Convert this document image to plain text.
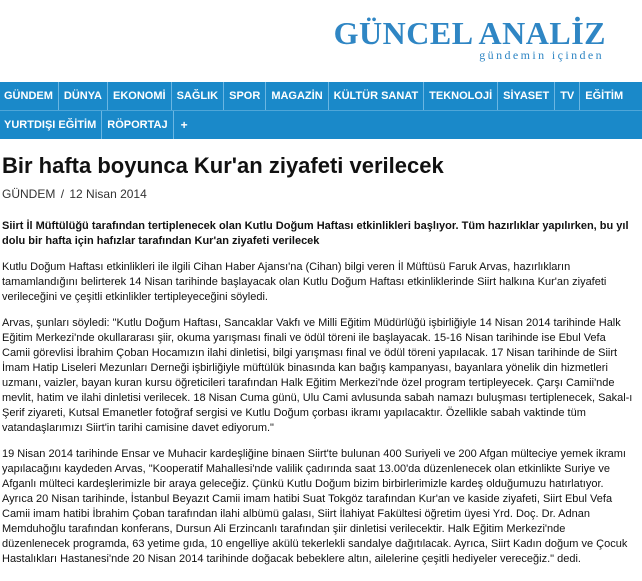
GÜNCEL ANALİZ
gündemin içinden
GÜNDEM	DÜNYA	EKONOMİ	SAĞLIK	SPOR	MAGAZİN	KÜLTÜR SANAT	TEKNOLOJİ	SİYASET	TV	EĞİTİM
YURTDIŞI EĞİTİM	RÖPORTAJ	+
Bir hafta boyunca Kur'an ziyafeti verilecek
GÜNDEM / 12 Nisan 2014

Siirt İl Müftülüğü tarafından tertiplenecek olan Kutlu Doğum Haftası etkinlikleri başlıyor. Tüm hazırlıklar yapılırken, bu yıl dolu bir hafta için hafızlar tarafından Kur'an ziyafeti verilecek

Kutlu Doğum Haftası etkinlikleri ile ilgili Cihan Haber Ajansı'na (Cihan) bilgi veren İl Müftüsü Faruk Arvas, hazırlıkların tamamlandığını belirterek 14 Nisan tarihinde başlayacak olan Kutlu Doğum Haftası etkinliklerinde Siirt halkına Kur'an ziyafeti verileceğini ve çeşitli etkinlikler tertipleyeceğini söyledi.

Arvas, şunları söyledi: "Kutlu Doğum Haftası, Sancaklar Vakfı ve Milli Eğitim Müdürlüğü işbirliğiyle 14 Nisan 2014 tarihinde Halk Eğitim Merkezi'nde okullararası şiir, okuma yarışması finali ve ödül töreni ile başlayacak. 15-16 Nisan tarihinde ise Ebul Vefa Camii görevlisi İbrahim Çoban Hocamızın ilahi dinletisi, bilgi yarışması final ve ödül töreni yapılacak. 17 Nisan tarihinde de Siirt İmam Hatip Liseleri Mezunları Derneği işbirliğiyle müftülük binasında kan bağış kampanyası, bayanlara yönelik din hizmetleri uzmanı, vaizler, bayan kuran kursu öğreticileri tarafından Halk Eğitim Merkezi'nde özel program tertipleyecek. Çarşı Camii'nde mevlit, hatim ve ilahi dinletisi verilecek. 18 Nisan Cuma günü, Ulu Cami avlusunda sabah namazı buluşması tertiplenecek, Sakal-ı Şerif ziyareti, Kutsal Emanetler fotoğraf sergisi ve Kutlu Doğum çorbası ikramı yapılacaktır. Özellikle sabah vaktinde tüm vatandaşlarımızı Siirt'in tarihi camisine davet ediyorum."

19 Nisan 2014 tarihinde Ensar ve Muhacir kardeşliğine binaen Siirt'te bulunan 400 Suriyeli ve 200 Afgan mülteciye yemek ikramı yapılacağını kaydeden Arvas, "Kooperatif Mahallesi'nde valilik çadırında saat 13.00'da düzenlenecek olan etkinlikte Suriye ve Afganlı mülteci kardeşlerimizle bir araya geleceğiz. Çünkü Kutlu Doğum bizim birbirlerimizle kardeş olduğumuzu hatırlatıyor. Ayrıca 20 Nisan tarihinde, İstanbul Beyazıt Camii imam hatibi Suat Tokgöz tarafından Kur'an ve kaside ziyafeti, Siirt Ebul Vefa Camii imam hatibi İbrahim Çoban tarafından ilahi albümü galası, Siirt İlahiyat Fakültesi öğretim üyesi Yrd. Doç. Dr. Adnan Memduhoğlu tarafından konferans, Dursun Ali Erzincanlı tarafından şiir dinletisi verilecektir. Halk Eğitim Merkezi'nde düzenlenecek programda, 63 yetime gıda, 10 engelliye akülü tekerlekli sandalye dağıtılacak. Ayrıca, Siirt Kadın doğum ve Çocuk Hastalıkları Hastanesi'nde 20 Nisan 2014 tarihinde doğacak bebeklere altın, ailelerine çeşitli hediyeler vereceğiz." dedi.
